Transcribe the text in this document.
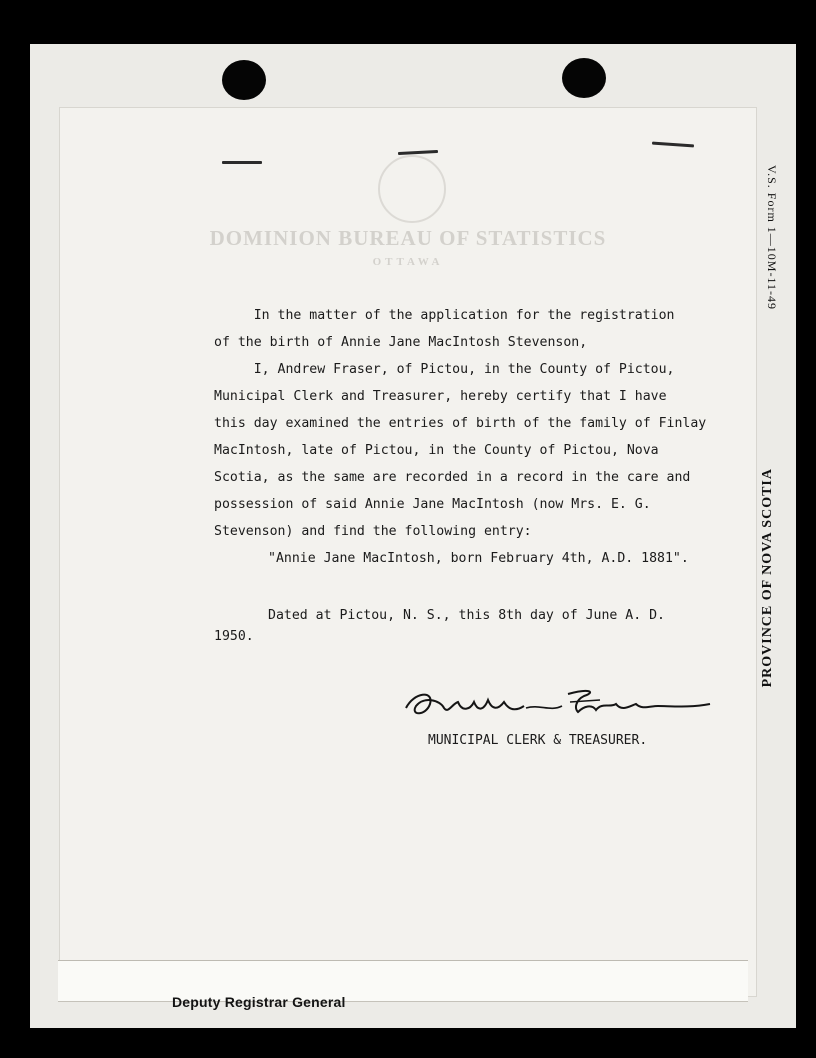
DOMINION BUREAU OF STATISTICS
OTTAWA	V.S. Form 1—10M-11-49
PROVINCE OF NOVA SCOTIA

In the matter of the application for the registration

of the birth of Annie Jane MacIntosh Stevenson,

I, Andrew Fraser, of Pictou, in the County of Pictou,

Municipal Clerk and Treasurer, hereby certify that I have

this day examined the entries of birth of the family of Finlay

MacIntosh, late of Pictou, in the County of Pictou, Nova

Scotia, as the same are recorded in a record in the care and

possession of said Annie Jane MacIntosh (now Mrs. E. G.

Stevenson) and find the following entry:

"Annie Jane MacIntosh, born February 4th, A.D. 1881".

Dated at Pictou, N. S., this 8th day of June A. D.

1950.

MUNICIPAL CLERK & TREASURER.
Deputy Registrar General
